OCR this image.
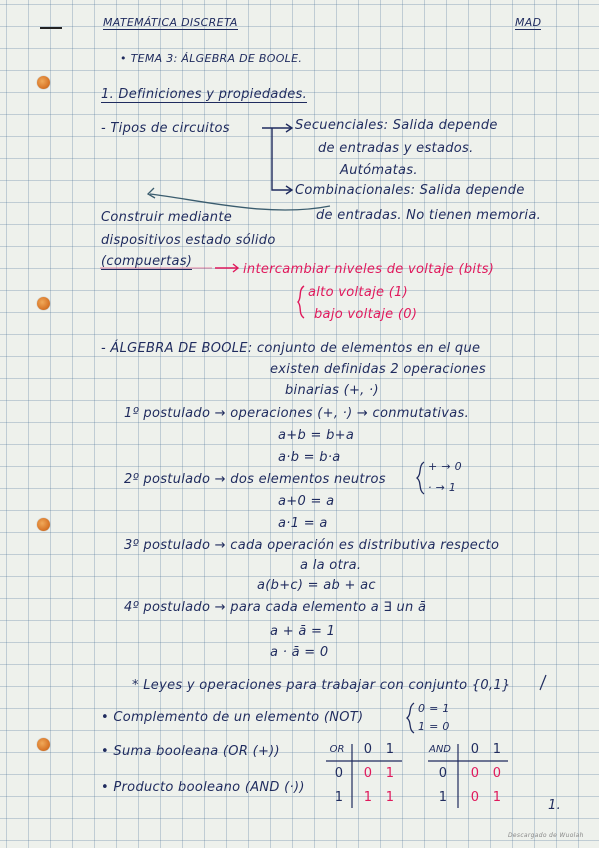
MATEMÁTICA DISCRETA	MAD
• TEMA 3: ÁLGEBRA DE BOOLE.
1. Definiciones y propiedades.
- Tipos de circuitos	Secuenciales: Salida depende
de entradas y estados.
Autómatas.
Combinacionales: Salida depende
de entradas. No tienen memoria.
Construir mediante
dispositivos estado sólido
(compuertas)
intercambiar niveles de voltaje (bits)
alto voltaje (1)
bajo voltaje (0)
- ÁLGEBRA DE BOOLE: conjunto de elementos en el que
existen definidas 2 operaciones
binarias (+, ·)
1º postulado → operaciones (+, ·) → conmutativas.
a+b = b+a
a·b = b·a
2º postulado → dos elementos neutros
+ → 0
· → 1
a+0 = a
a·1 = a
3º postulado → cada operación es distributiva respecto
a la otra.
a(b+c) = ab + ac
4º postulado → para cada elemento a ∃ un ā
a + ā = 1
a · ā = 0
* Leyes y operaciones para trabajar con conjunto {0,1}
• Complemento de un elemento (NOT)
0 = 1
1 = 0
• Suma booleana (OR (+))
• Producto booleano (AND (·))
OR	0	1
0	0	1
1	1	1
AND	0	1
0	0	0
1	0	1
1.
Descargado de Wuolah
